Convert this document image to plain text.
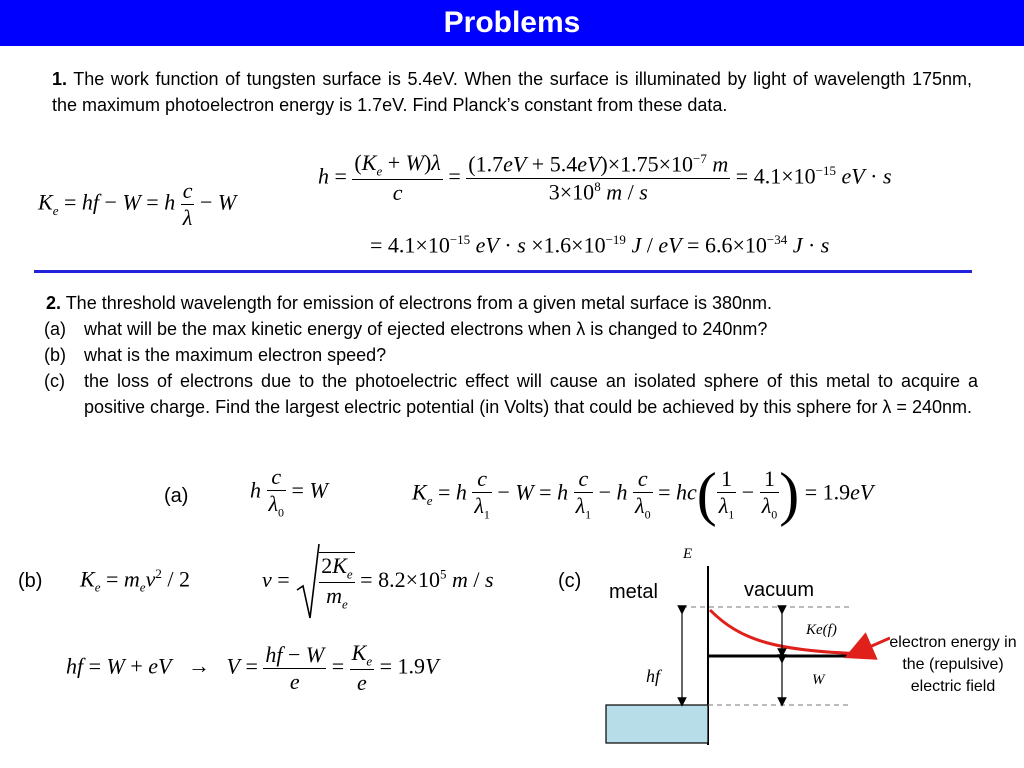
Problems
1. The work function of tungsten surface is 5.4eV. When the surface is illuminated by light of wavelength 175nm, the maximum photoelectron energy is 1.7eV. Find Planck’s constant from these data.
$K_e$ = hf − W = h $\frac{c}{\lambda} - W$
$h = \frac{(K_e + W)\lambda}{c} = \frac{(1.7eV + 5.4eV)\times 1.75\times 10^{-7} m}{3\times 10^8 m / s} = 4.1\times 10^{-15}$ eV · s
= $4.1\times 10^{-15}$ eV · $s \times 1.6\times 10^{-19}$ J / eV = $6.6\times 10^{-34}$ J · s
2. The threshold wavelength for emission of electrons from a given metal surface is 380nm.
(a) what will be the max kinetic energy of ejected electrons when λ is changed to 240nm?
(b) what is the maximum electron speed?
(c) the loss of electrons due to the photoelectric effect will cause an isolated sphere of this metal to acquire a positive charge. Find the largest electric potential (in Volts) that could be achieved by this sphere for λ = 240nm.
(a)	h $\frac{c}{\lambda_0} = W$	$K_e = h \frac{c}{\lambda_1} - W = h \frac{c}{\lambda_1} - h \frac{c}{\lambda_0} = hc( \frac{1}{\lambda_1} - \frac{1}{\lambda_0}$ ) = 1.9eV
(b) $K_e = m_ev^2 / 2$	$v = \frac{2K_e}{m_e} = 8.2\times 10^5$ m / s	(c)
hf = W + eV → $V = \frac{hf - W}{e} = \frac{K_e}{e} = 1.9V$
E
metal	vacuum
hf	W
Ke(f)
electron energy in the (repulsive) electric field
